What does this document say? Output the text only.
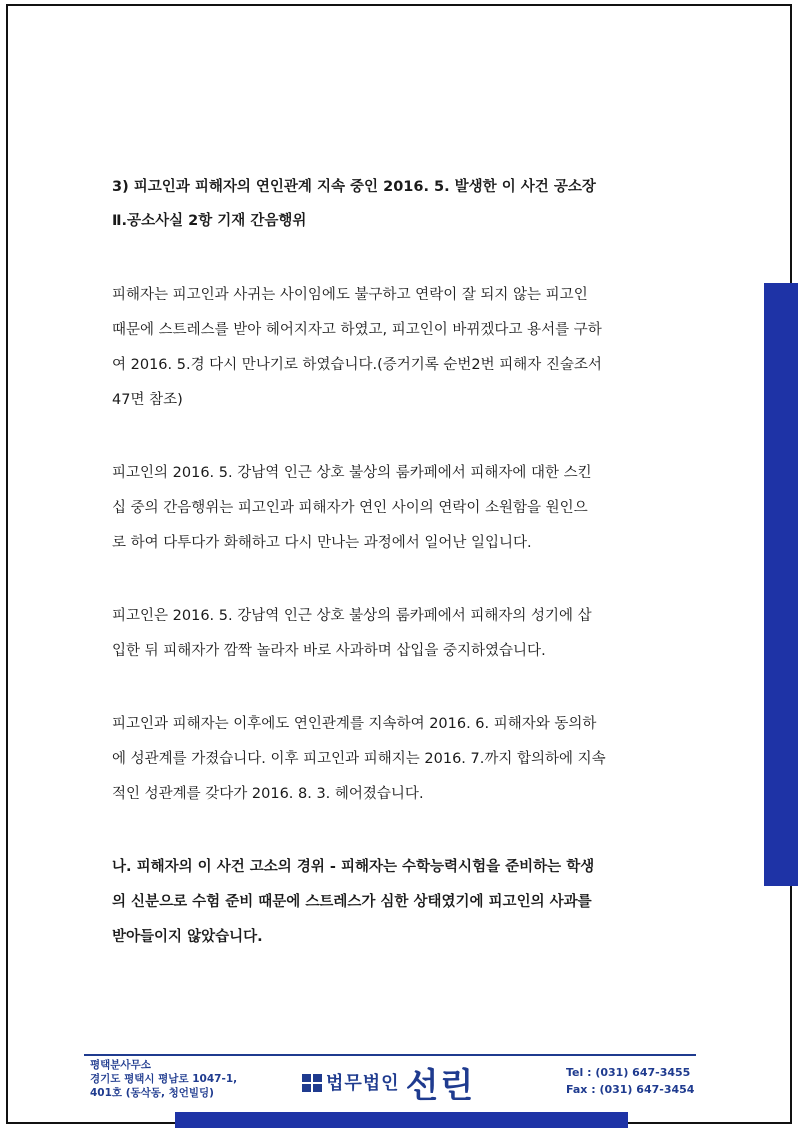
3) 피고인과 피해자의 연인관계 지속 중인 2016. 5. 발생한 이 사건 공소장
Ⅱ.공소사실 2항 기재 간음행위

피해자는 피고인과 사귀는 사이임에도 불구하고 연락이 잘 되지 않는 피고인
때문에 스트레스를 받아 헤어지자고 하였고, 피고인이 바뀌겠다고 용서를 구하
여 2016. 5.경 다시 만나기로 하였습니다.(증거기록 순번2번 피해자 진술조서
47면 참조)

피고인의 2016. 5. 강남역 인근 상호 불상의 룸카페에서 피해자에 대한 스킨
십 중의 간음행위는 피고인과 피해자가 연인 사이의 연락이 소원함을 원인으
로 하여 다투다가 화해하고 다시 만나는 과정에서 일어난 일입니다.

피고인은 2016. 5. 강남역 인근 상호 불상의 룸카페에서 피해자의 성기에 삽
입한 뒤 피해자가 깜짝 놀라자 바로 사과하며 삽입을 중지하였습니다.

피고인과 피해자는 이후에도 연인관계를 지속하여 2016. 6. 피해자와 동의하
에 성관계를 가졌습니다. 이후 피고인과 피해지는 2016. 7.까지 합의하에 지속
적인 성관계를 갖다가 2016. 8. 3. 헤어졌습니다.

나. 피해자의 이 사건 고소의 경위 - 피해자는 수학능력시험을 준비하는 학생
의 신분으로 수험 준비 때문에 스트레스가 심한 상태였기에 피고인의 사과를
받아들이지 않았습니다.

평택분사무소
경기도 평택시 평남로 1047-1,
401호 (동삭동, 청언빌딩)	법무법인 선린	Tel : (031) 647-3455
Fax : (031) 647-3454
